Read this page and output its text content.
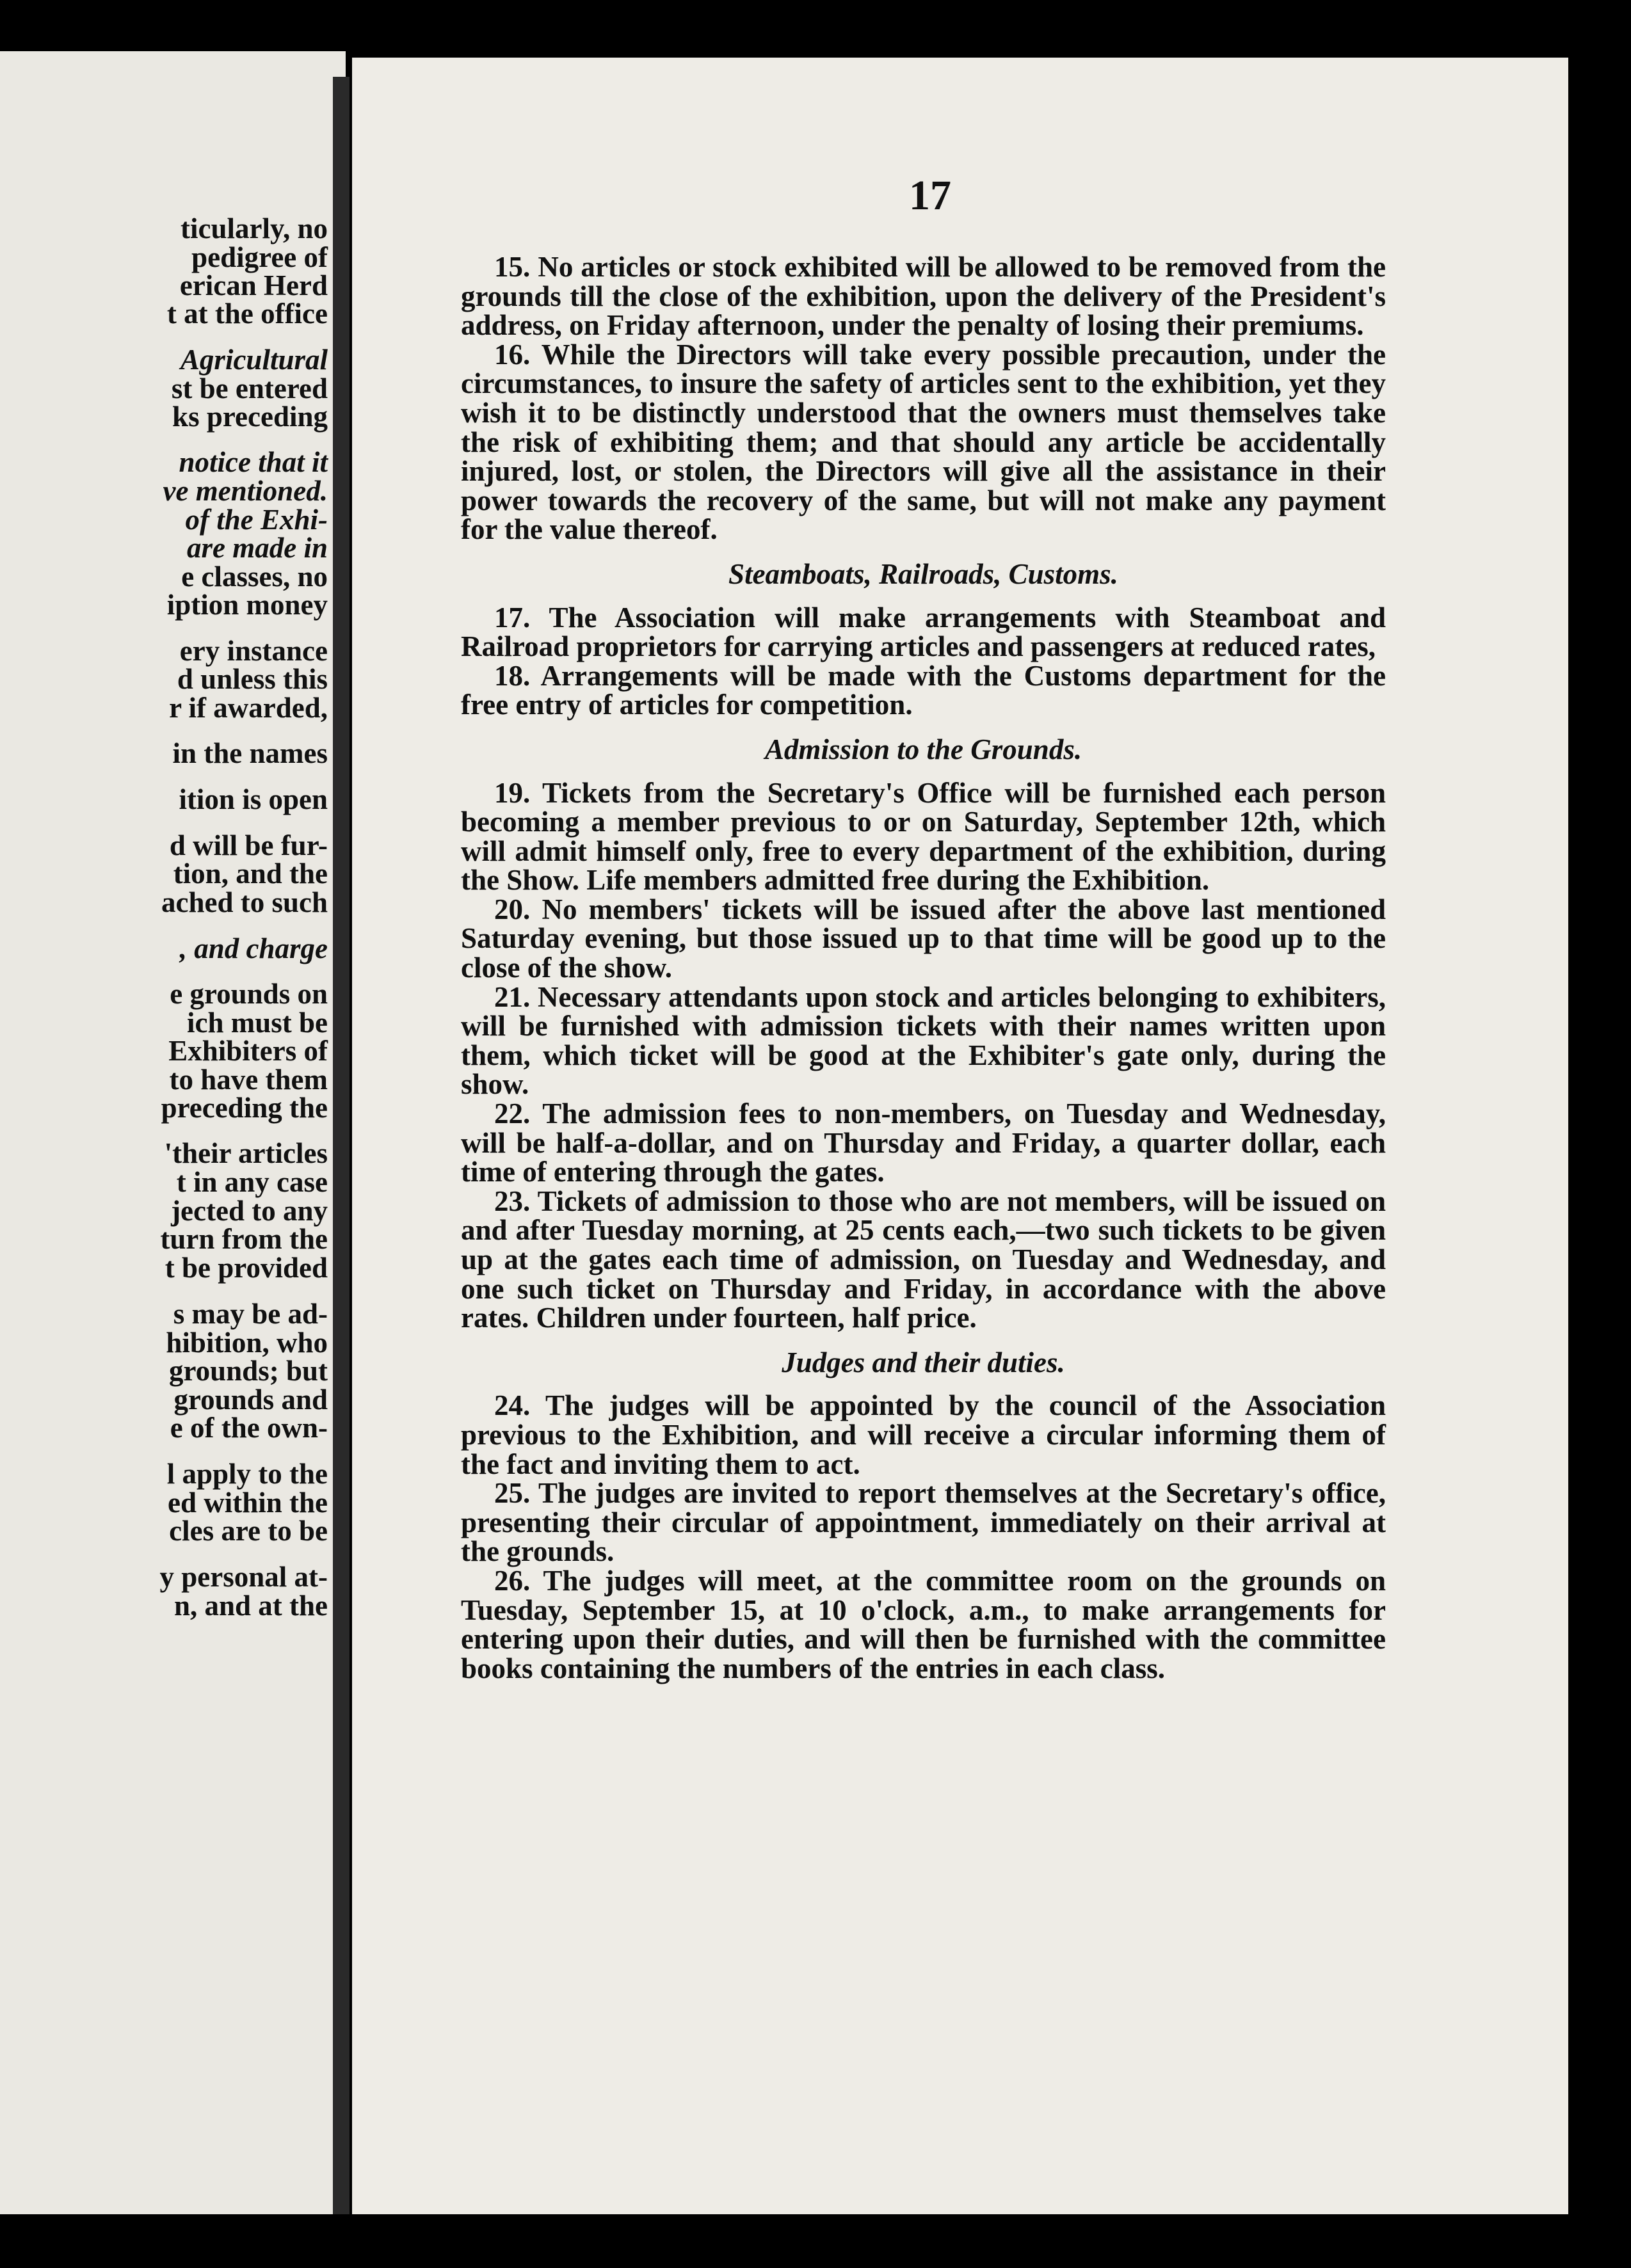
ticularly, no
pedigree of
erican Herd
t at the office
Agricultural
st be entered
ks preceding
notice that it
ve mentioned.
of the Exhi-
are made in
e classes, no
iption money
ery instance
d unless this
r if awarded,
in the names
ition is open
d will be fur-
tion, and the
ached to such
, and charge
e grounds on
ich must be
Exhibiters of
to have them
preceding the
'their articles
t in any case
jected to any
turn from the
t be provided
s may be ad-
hibition, who
grounds; but
grounds and
e of the own-
l apply to the
ed within the
cles are to be
y personal at-
n, and at the
17

15. No articles or stock exhibited will be allowed to be removed from the grounds till the close of the exhibition, upon the delivery of the President's address, on Friday afternoon, under the penalty of losing their premiums.

16. While the Directors will take every possible precaution, under the circumstances, to insure the safety of articles sent to the exhibition, yet they wish it to be distinctly understood that the owners must themselves take the risk of exhibiting them; and that should any article be accidentally injured, lost, or stolen, the Directors will give all the assistance in their power towards the recovery of the same, but will not make any payment for the value thereof.

Steamboats, Railroads, Customs.

17. The Association will make arrangements with Steamboat and Railroad proprietors for carrying articles and passengers at reduced rates,

18. Arrangements will be made with the Customs department for the free entry of articles for competition.

Admission to the Grounds.

19. Tickets from the Secretary's Office will be furnished each person becoming a member previous to or on Saturday, September 12th, which will admit himself only, free to every department of the exhibition, during the Show. Life members admitted free during the Exhibition.

20. No members' tickets will be issued after the above last mentioned Saturday evening, but those issued up to that time will be good up to the close of the show.

21. Necessary attendants upon stock and articles belonging to exhibiters, will be furnished with admission tickets with their names written upon them, which ticket will be good at the Exhibiter's gate only, during the show.

22. The admission fees to non-members, on Tuesday and Wednesday, will be half-a-dollar, and on Thursday and Friday, a quarter dollar, each time of entering through the gates.

23. Tickets of admission to those who are not members, will be issued on and after Tuesday morning, at 25 cents each,—two such tickets to be given up at the gates each time of admission, on Tuesday and Wednesday, and one such ticket on Thursday and Friday, in accordance with the above rates. Children under fourteen, half price.

Judges and their duties.

24. The judges will be appointed by the council of the Association previous to the Exhibition, and will receive a circular informing them of the fact and inviting them to act.

25. The judges are invited to report themselves at the Secretary's office, presenting their circular of appointment, immediately on their arrival at the grounds.

26. The judges will meet, at the committee room on the grounds on Tuesday, September 15, at 10 o'clock, a.m., to make arrangements for entering upon their duties, and will then be furnished with the committee books containing the numbers of the entries in each class.
